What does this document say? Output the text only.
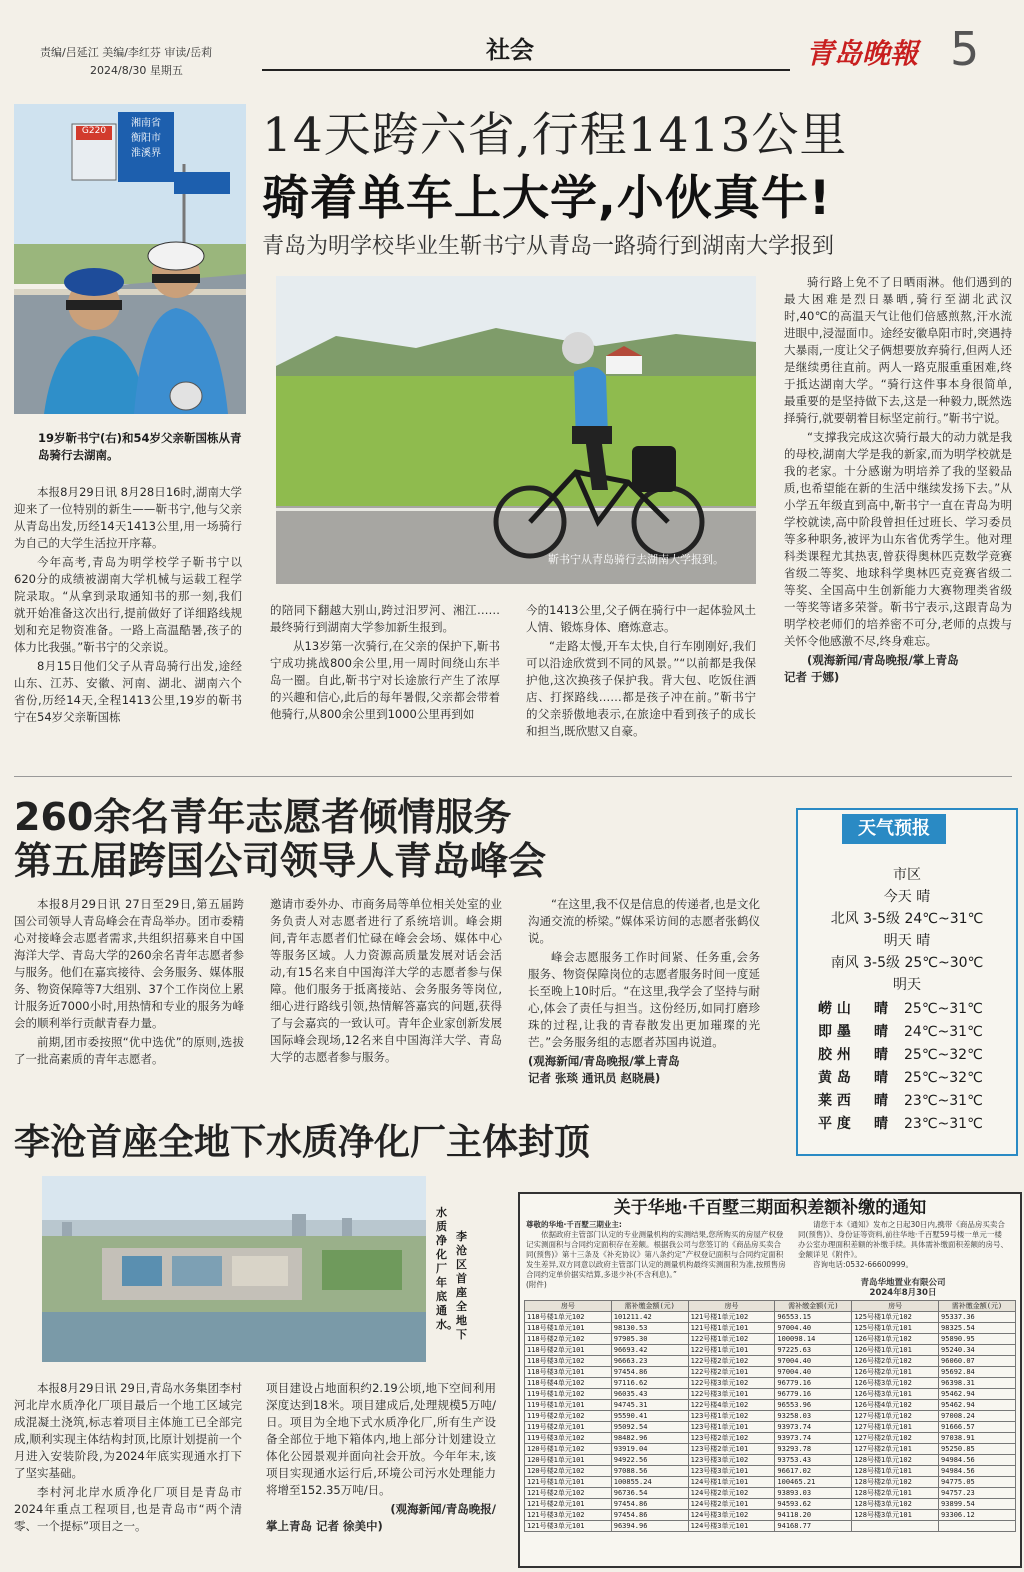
责编/吕延江 美编/李红芬 审读/岳莉
2024/8/30 星期五
社会	青岛晚報 5
G220
湘南省
衡阳市
淮溪界
19岁靳书宁(右)和54岁父亲靳国栋从青岛骑行去湖南。
14天跨六省,行程1413公里
骑着单车上大学,小伙真牛!
青岛为明学校毕业生靳书宁从青岛一路骑行到湖南大学报到
靳书宁从青岛骑行去湖南大学报到。

本报8月29日讯 8月28日16时,湖南大学迎来了一位特别的新生——靳书宁,他与父亲从青岛出发,历经14天1413公里,用一场骑行为自己的大学生活拉开序幕。

今年高考,青岛为明学校学子靳书宁以620分的成绩被湖南大学机械与运载工程学院录取。“从拿到录取通知书的那一刻,我们就开始准备这次出行,提前做好了详细路线规划和充足物资准备。一路上高温酷暑,孩子的体力比我强。”靳书宁的父亲说。

8月15日他们父子从青岛骑行出发,途经山东、江苏、安徽、河南、湖北、湖南六个省份,历经14天,全程1413公里,19岁的靳书宁在54岁父亲靳国栋

的陪同下翻越大别山,跨过汨罗河、湘江……最终骑行到湖南大学参加新生报到。

从13岁第一次骑行,在父亲的保护下,靳书宁成功挑战800余公里,用一周时间绕山东半岛一圈。自此,靳书宁对长途旅行产生了浓厚的兴趣和信心,此后的每年暑假,父亲都会带着他骑行,从800余公里到1000公里再到如

今的1413公里,父子俩在骑行中一起体验风土人情、锻炼身体、磨炼意志。

“走路太慢,开车太快,自行车刚刚好,我们可以沿途欣赏到不同的风景。”“以前都是我保护他,这次换孩子保护我。背大包、吃饭住酒店、打探路线……都是孩子冲在前。”靳书宁的父亲骄傲地表示,在旅途中看到孩子的成长和担当,既欣慰又自豪。

骑行路上免不了日晒雨淋。他们遇到的最大困难是烈日暴晒,骑行至湖北武汉时,40℃的高温天气让他们倍感煎熬,汗水流进眼中,浸湿面巾。途经安徽阜阳市时,突遇持大暴雨,一度让父子俩想要放弃骑行,但两人还是继续勇往直前。两人一路克服重重困难,终于抵达湖南大学。“骑行这件事本身很简单,最重要的是坚持做下去,这是一种毅力,既然选择骑行,就要朝着目标坚定前行。”靳书宁说。

“支撑我完成这次骑行最大的动力就是我的母校,湖南大学是我的新家,而为明学校就是我的老家。十分感谢为明培养了我的坚毅品质,也希望能在新的生活中继续发扬下去。”从小学五年级直到高中,靳书宁一直在青岛为明学校就读,高中阶段曾担任过班长、学习委员等多种职务,被评为山东省优秀学生。他对理科类课程尤其热衷,曾获得奥林匹克数学竞赛省级二等奖、地球科学奥林匹克竞赛省级二等奖、全国高中生创新能力大赛物理类省级一等奖等诸多荣誉。靳书宁表示,这跟青岛为明学校老师们的培养密不可分,老师的点拨与关怀令他感激不尽,终身难忘。

(观海新闻/青岛晚报/掌上青岛
记者 于娜)
260余名青年志愿者倾情服务
第五届跨国公司领导人青岛峰会

本报8月29日讯 27日至29日,第五届跨国公司领导人青岛峰会在青岛举办。团市委精心对接峰会志愿者需求,共组织招募来自中国海洋大学、青岛大学的260余名青年志愿者参与服务。他们在嘉宾接待、会务服务、媒体服务、物资保障等7大组别、37个工作岗位上累计服务近7000小时,用热情和专业的服务为峰会的顺利举行贡献青春力量。

前期,团市委按照“优中选优”的原则,选拔了一批高素质的青年志愿者。

邀请市委外办、市商务局等单位相关处室的业务负责人对志愿者进行了系统培训。峰会期间,青年志愿者们忙碌在峰会会场、媒体中心等服务区域。人力资源高质量发展对话会活动,有15名来自中国海洋大学的志愿者参与保障。他们服务于抵离接站、会务服务等岗位,细心进行路线引领,热情解答嘉宾的问题,获得了与会嘉宾的一致认可。青年企业家创新发展国际峰会现场,12名来自中国海洋大学、青岛大学的志愿者参与服务。

“在这里,我不仅是信息的传递者,也是文化沟通交流的桥梁。”媒体采访间的志愿者张鹤仪说。

峰会志愿服务工作时间紧、任务重,会务服务、物资保障岗位的志愿者服务时间一度延长至晚上10时后。“在这里,我学会了坚持与耐心,体会了责任与担当。这份经历,如同打磨珍珠的过程,让我的青春散发出更加璀璨的光芒。”会务服务组的志愿者苏国冉说道。

(观海新闻/青岛晚报/掌上青岛
记者 张琰 通讯员 赵晓晨)
天气预报
市区
今天 晴
北风 3-5级 24℃~31℃
明天 晴
南风 3-5级 25℃~30℃
明天
崂 山	晴	25℃~31℃
即 墨	晴	24℃~31℃
胶 州	晴	25℃~32℃
黄 岛	晴	25℃~32℃
莱 西	晴	23℃~31℃
平 度	晴	23℃~31℃
李沧首座全地下水质净化厂主体封顶
水质净化厂年底通水。
李沧区首座全地下

本报8月29日讯 29日,青岛水务集团李村河北岸水质净化厂项目最后一个地工区域完成混凝土浇筑,标志着项目主体施工已全部完成,顺利实现主体结构封顶,比原计划提前一个月进入安装阶段,为2024年底实现通水打下了坚实基础。

李村河北岸水质净化厂项目是青岛市2024年重点工程项目,也是青岛市“两个清零、一个提标”项目之一。

项目建设占地面积约2.19公顷,地下空间利用深度达到18米。项目建成后,处理规模5万吨/日。项目为全地下式水质净化厂,所有生产设备全部位于地下箱体内,地上部分计划建设立体化公园景观并面向社会开放。今年年末,该项目实现通水运行后,环境公司污水处理能力将增至152.35万吨/日。

(观海新闻/青岛晚报/
掌上青岛 记者 徐美中)
关于华地·千百墅三期面积差额补缴的通知
尊敬的华地·千百墅三期业主:
依据政府主管部门认定的专业测量机构的实测结果,您所购买的房屋产权登记实测面积与合同约定面积存在差额。根据我公司与您签订的《商品房买卖合同(预售)》第十三条及《补充协议》第八条约定“产权登记面积与合同约定面积发生差异,双方同意以政府主管部门认定的测量机构最终实测面积为准,按照售房合同约定单价据实结算,多退少补(不含利息)。”
(附件)
请您于本《通知》发布之日起30日内,携带《商品房买卖合同(预售)》、身份证等资料,前往华地·千百墅59号楼一单元一楼办公室办理面积差额的补缴手续。具体需补缴面积差额的房号、金额详见《附件》。
咨询电话:0532-66600999。
青岛华地置业有限公司
2024年8月30日
房号	需补缴金额(元)	房号	需补缴金额(元)	房号	需补缴金额(元)
118号楼1单元102	101211.42	121号楼1单元102	96553.15	125号楼1单元102	95337.36
118号楼1单元101	98130.53	121号楼1单元101	97004.40	125号楼1单元101	98325.54
118号楼2单元102	97905.30	122号楼1单元102	100098.14	126号楼1单元102	95890.95
118号楼2单元101	96693.42	122号楼1单元101	97225.63	126号楼1单元101	95240.34
118号楼3单元102	96663.23	122号楼2单元102	97004.40	126号楼2单元102	96060.07
118号楼3单元101	97454.86	122号楼2单元101	97004.40	126号楼2单元101	95692.84
118号楼4单元102	97116.62	122号楼3单元102	96779.16	126号楼3单元102	96398.31
119号楼1单元102	96035.43	122号楼3单元101	96779.16	126号楼3单元101	95462.94
119号楼1单元101	94745.31	122号楼4单元102	96553.96	126号楼4单元102	95462.94
119号楼2单元102	95590.41	123号楼1单元102	93258.03	127号楼1单元102	97008.24
119号楼2单元101	95092.54	123号楼1单元101	93973.74	127号楼1单元101	91666.57
119号楼3单元102	98482.96	123号楼2单元102	93973.74	127号楼2单元102	97038.91
120号楼1单元102	93919.04	123号楼2单元101	93293.78	127号楼2单元101	95250.85
120号楼1单元101	94922.56	123号楼3单元102	93753.43	128号楼1单元102	94984.56
120号楼2单元102	97088.56	123号楼3单元101	96617.02	128号楼1单元101	94984.56
121号楼1单元101	100855.24	124号楼1单元101	100465.21	128号楼2单元102	94775.05
121号楼2单元102	96736.54	124号楼2单元102	93893.03	128号楼2单元101	94757.23
121号楼2单元101	97454.86	124号楼2单元101	94593.62	128号楼3单元102	93899.54
121号楼3单元102	97454.86	124号楼3单元102	94118.20	128号楼3单元101	93306.12
121号楼3单元101	96394.96	124号楼3单元101	94168.77		
